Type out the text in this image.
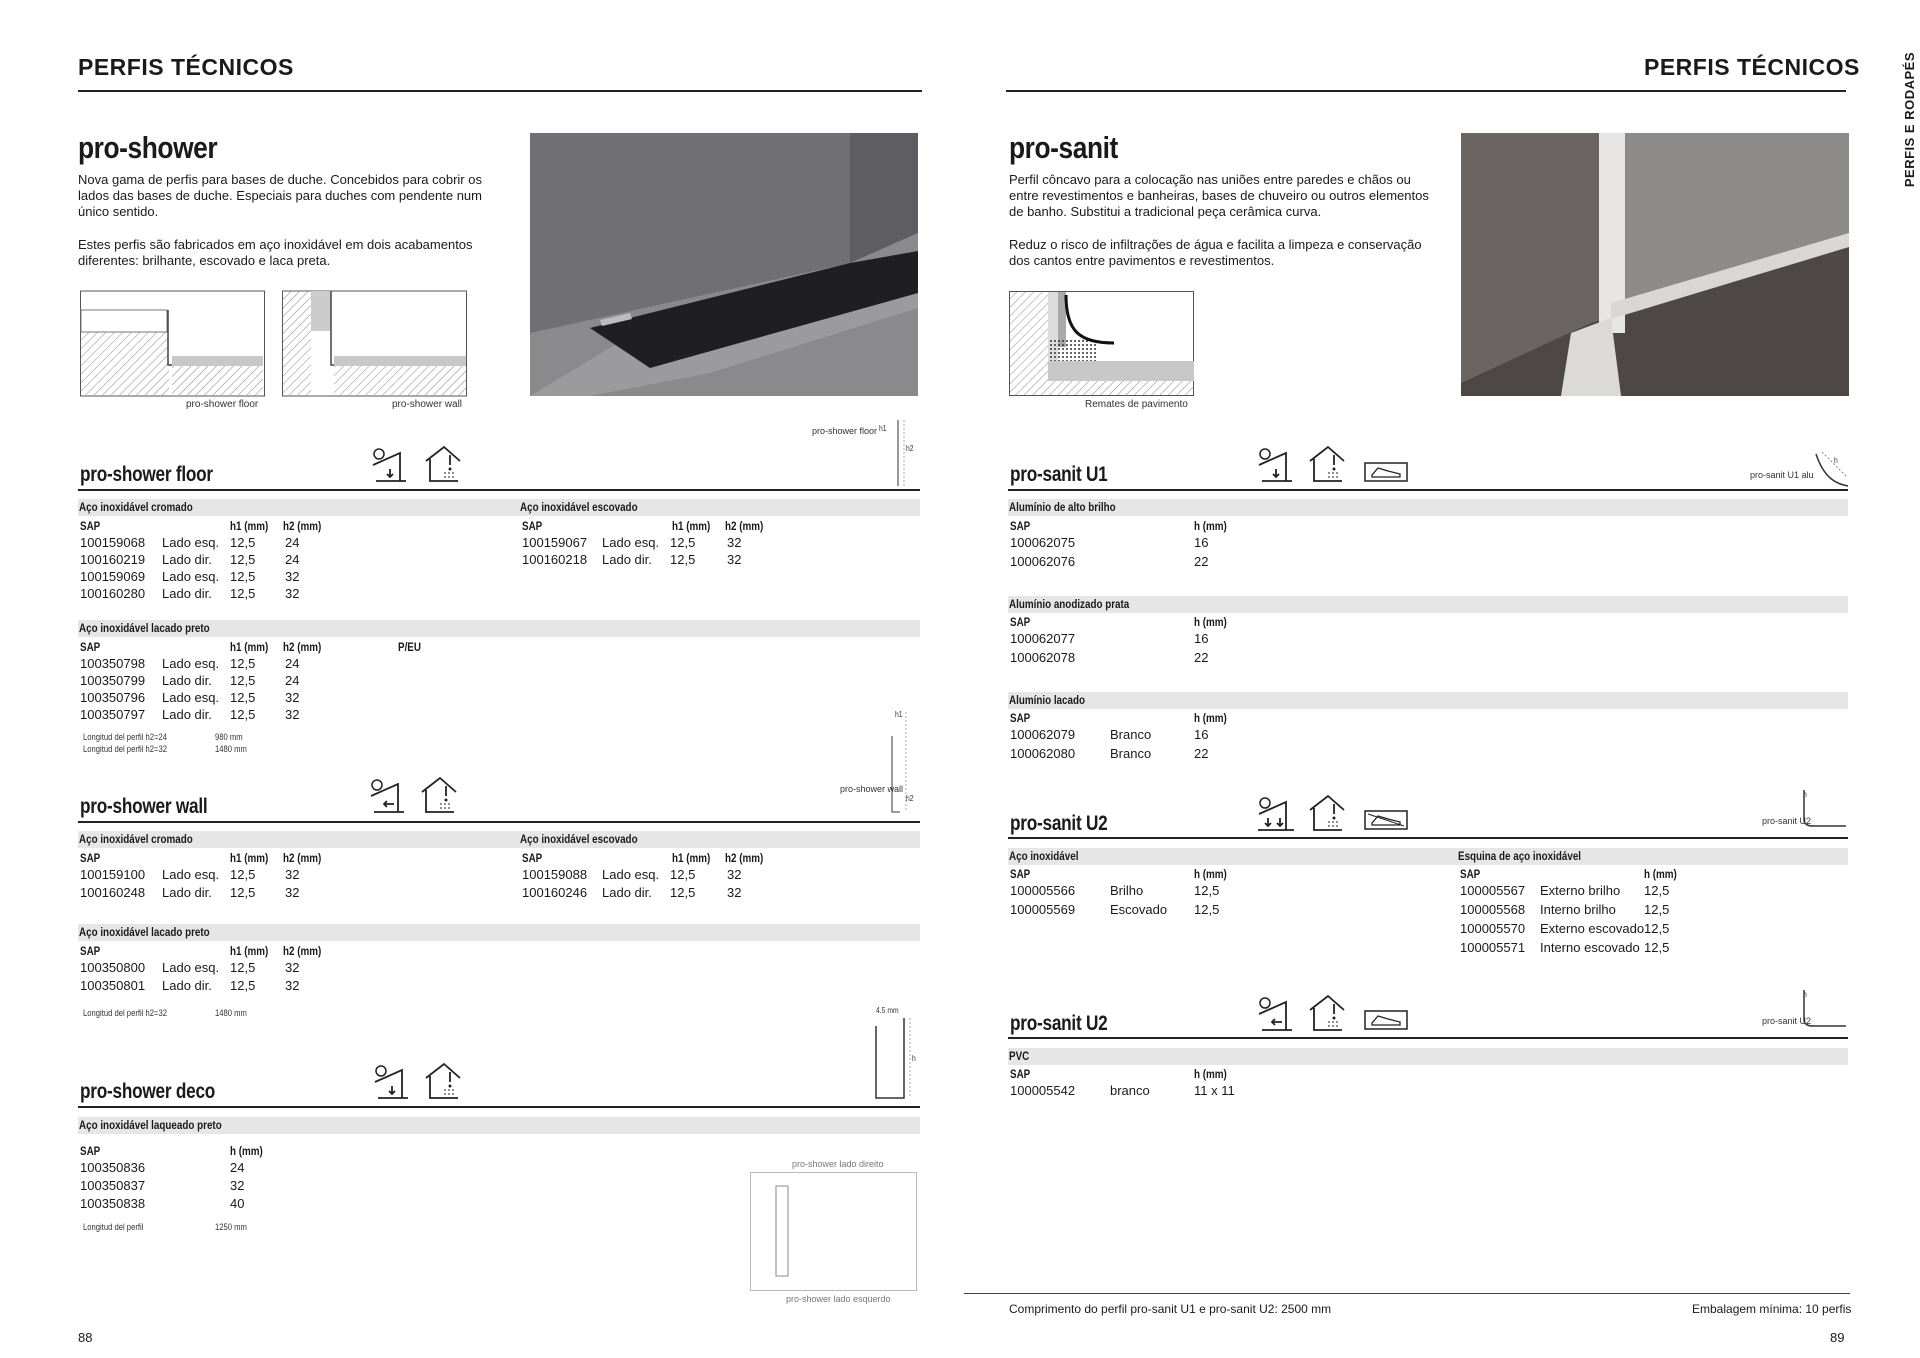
PERFIS TÉCNICOS
pro-shower

Nova gama de perfis para bases de duche. Concebidos para cobrir os lados das bases de duche. Especiais para duches com pendente num único sentido.

Estes perfis são fabricados em aço inoxidável em dois acabamentos diferentes: brilhante, escovado e laca preta.

pro-shower floor	pro-shower wall
pro-shower floor h1
h2
pro-shower floor
Aço inoxidável cromado	Aço inoxidável escovado
SAP	h1 (mm) h2 (mm)
100159068 Lado esq. 12,5 24
100160219 Lado dir. 12,5 24
100159069 Lado esq. 12,5 32
100160280 Lado dir. 12,5 32
SAP	h1 (mm) h2 (mm)
100159067 Lado esq. 12,5 32
100160218 Lado dir. 12,5 32
Aço inoxidável lacado preto
SAP	h1 (mm) h2 (mm)	P/EU
100350798 Lado esq. 12,5 24
100350799 Lado dir. 12,5 24
100350796 Lado esq. 12,5 32
100350797 Lado dir. 12,5 32
Longitud del perfil h2=24	980 mm
Longitud del perfil h2=32	1480 mm
h1
h2
pro-shower wall
pro-shower wall
Aço inoxidável cromado	Aço inoxidável escovado
SAP	h1 (mm) h2 (mm)
100159100 Lado esq. 12,5 32
100160248 Lado dir. 12,5 32
SAP	h1 (mm) h2 (mm)
100159088 Lado esq. 12,5 32
100160246 Lado dir. 12,5 32
Aço inoxidável lacado preto
SAP	h1 (mm) h2 (mm)
100350800 Lado esq. 12,5 32
100350801 Lado dir. 12,5 32
Longitud del perfil h2=32	1480 mm	4.5 mm
h
pro-shower deco
Aço inoxidável laqueado preto
SAP	h (mm)
100350836	24
100350837	32
100350838	40
Longitud del perfil	1250 mm
pro-shower lado direito
pro-shower lado esquerdo
88
PERFIS TÉCNICOS	PERFIS E RODAPÉS
pro-sanit

Perfil côncavo para a colocação nas uniões entre paredes e chãos ou entre revestimentos e banheiras, bases de chuveiro ou outros elementos de banho. Substitui a tradicional peça cerâmica curva.

Reduz o risco de infiltrações de água e facilita a limpeza e conservação dos cantos entre pavimentos e revestimentos.

Remates de pavimento
pro-sanit U1	pro-sanit U1 alu
h
Alumínio de alto brilho
SAP	h (mm)
100062075	16
100062076	22
Alumínio anodizado prata
SAP	h (mm)
100062077	16
100062078	22
Alumínio lacado
SAP	h (mm)
100062079	Branco	16
100062080	Branco	22
pro-sanit U2	pro-sanit U2
h
Aço inoxidável	Esquina de aço inoxidável
SAP	h (mm)
100005566	Brilho	12,5
100005569	Escovado 12,5
SAP	h (mm)
100005567 Externo brilho 12,5
100005568 Interno brilho 12,5
100005570 Externo escovado 12,5
100005571 Interno escovado 12,5
pro-sanit U2	pro-sanit U2
h
PVC
SAP	h (mm)
100005542	branco	11 x 11
Comprimento do perfil pro-sanit U1 e pro-sanit U2: 2500 mm	Embalagem mínima: 10 perfis
89
